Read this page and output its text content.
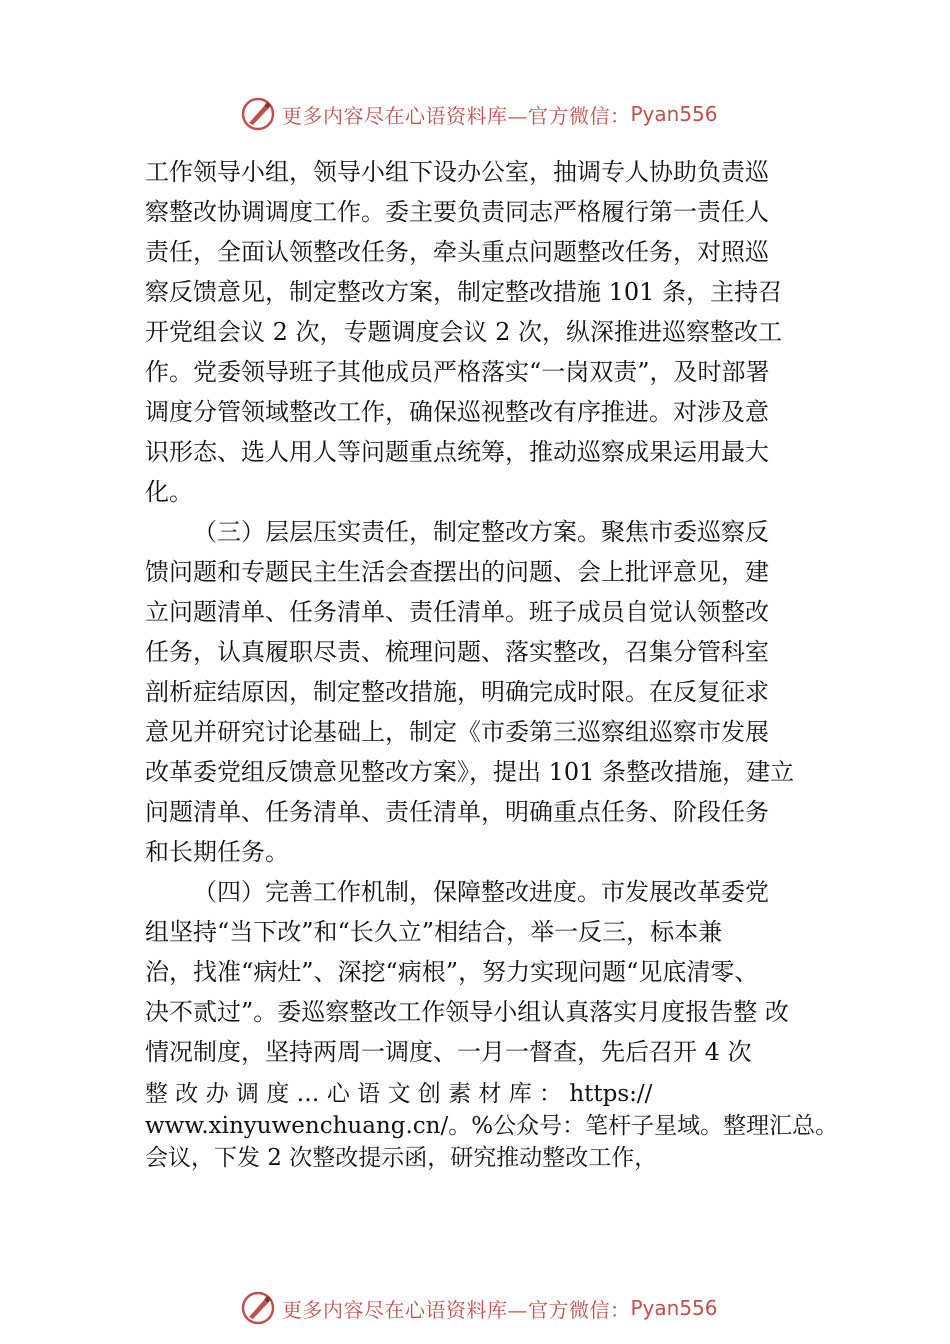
更多内容尽在心语资料库—官方微信： Pyan556
工作领导小组，领导小组下设办公室，抽调专人协助负责巡
察整改协调调度工作。委主要负责同志严格履行第一责任人
责任，全面认领整改任务，牵头重点问题整改任务，对照巡
察反馈意见，制定整改方案，制定整改措施 101 条，主持召
开党组会议 2 次，专题调度会议 2 次，纵深推进巡察整改工
作。党委领导班子其他成员严格落实“一岗双责”，及时部署
调度分管领域整改工作，确保巡视整改有序推进。对涉及意
识形态、选人用人等问题重点统筹，推动巡察成果运用最大
化。
（三）层层压实责任，制定整改方案。聚焦市委巡察反
馈问题和专题民主生活会查摆出的问题、会上批评意见，建
立问题清单、任务清单、责任清单。班子成员自觉认领整改
任务，认真履职尽责、梳理问题、落实整改，召集分管科室
剖析症结原因，制定整改措施，明确完成时限。在反复征求
意见并研究讨论基础上，制定《市委第三巡察组巡察市发展
改革委党组反馈意见整改方案》，提出 101 条整改措施，建立
问题清单、任务清单、责任清单，明确重点任务、阶段任务
和长期任务。
（四）完善工作机制，保障整改进度。市发展改革委党
组坚持“当下改”和“长久立”相结合，举一反三，标本兼
治，找准“病灶”、深挖“病根”，努力实现问题“见底清零、
决不贰过”。委巡察整改工作领导小组认真落实月度报告整 改
情况制度，坚持两周一调度、一月一督查，先后召开 4 次
整 改 办 调 度 … 心 语 文 创 素 材 库 ： https://
www.xinyuwenchuang.cn/。%公众号：笔杆子星域。整理汇总。
会议，下发 2 次整改提示函，研究推动整改工作，
更多内容尽在心语资料库—官方微信： Pyan556
